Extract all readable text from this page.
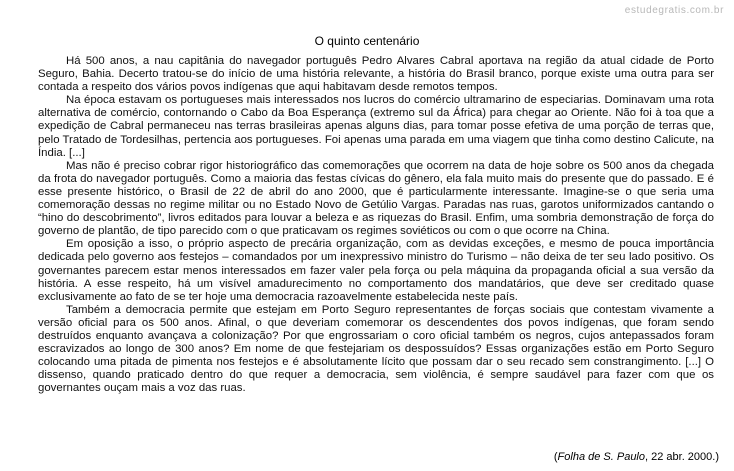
estudegratis.com.br
O quinto centenário

Há 500 anos, a nau capitânia do navegador português Pedro Alvares Cabral aportava na região da atual cidade de Porto Seguro, Bahia. Decerto tratou-se do início de uma história relevante, a história do Brasil branco, porque existe uma outra para ser contada a respeito dos vários povos indígenas que aqui habitavam desde remotos tempos.

Na época estavam os portugueses mais interessados nos lucros do comércio ultramarino de especiarias. Dominavam uma rota alternativa de comércio, contornando o Cabo da Boa Esperança (extremo sul da África) para chegar ao Oriente. Não foi à toa que a expedição de Cabral permaneceu nas terras brasileiras apenas alguns dias, para tomar posse efetiva de uma porção de terras que, pelo Tratado de Tordesilhas, pertencia aos portugueses. Foi apenas uma parada em uma viagem que tinha como destino Calicute, na Índia. [...]

Mas não é preciso cobrar rigor historiográfico das comemorações que ocorrem na data de hoje sobre os 500 anos da chegada da frota do navegador português. Como a maioria das festas cívicas do gênero, ela fala muito mais do presente que do passado. E é esse presente histórico, o Brasil de 22 de abril do ano 2000, que é particularmente interessante. Imagine-se o que seria uma comemoração dessas no regime militar ou no Estado Novo de Getúlio Vargas. Paradas nas ruas, garotos uniformizados cantando o “hino do descobrimento”, livros editados para louvar a beleza e as riquezas do Brasil. Enfim, uma sombria demonstração de força do governo de plantão, de tipo parecido com o que praticavam os regimes soviéticos ou com o que ocorre na China.

Em oposição a isso, o próprio aspecto de precária organização, com as devidas exceções, e mesmo de pouca importância dedicada pelo governo aos festejos – comandados por um inexpressivo ministro do Turismo – não deixa de ter seu lado positivo. Os governantes parecem estar menos interessados em fazer valer pela força ou pela máquina da propaganda oficial a sua versão da história. A esse respeito, há um visível amadurecimento no comportamento dos mandatários, que deve ser creditado quase exclusivamente ao fato de se ter hoje uma democracia razoavelmente estabelecida neste país.

Também a democracia permite que estejam em Porto Seguro representantes de forças sociais que contestam vivamente a versão oficial para os 500 anos. Afinal, o que deveriam comemorar os descendentes dos povos indígenas, que foram sendo destruídos enquanto avançava a colonização? Por que engrossariam o coro oficial também os negros, cujos antepassados foram escravizados ao longo de 300 anos? Em nome de que festejariam os despossuídos? Essas organizações estão em Porto Seguro colocando uma pitada de pimenta nos festejos e é absolutamente lícito que possam dar o seu recado sem constrangimento. [...] O dissenso, quando praticado dentro do que requer a democracia, sem violência, é sempre saudável para fazer com que os governantes ouçam mais a voz das ruas.

(Folha de S. Paulo, 22 abr. 2000.)
